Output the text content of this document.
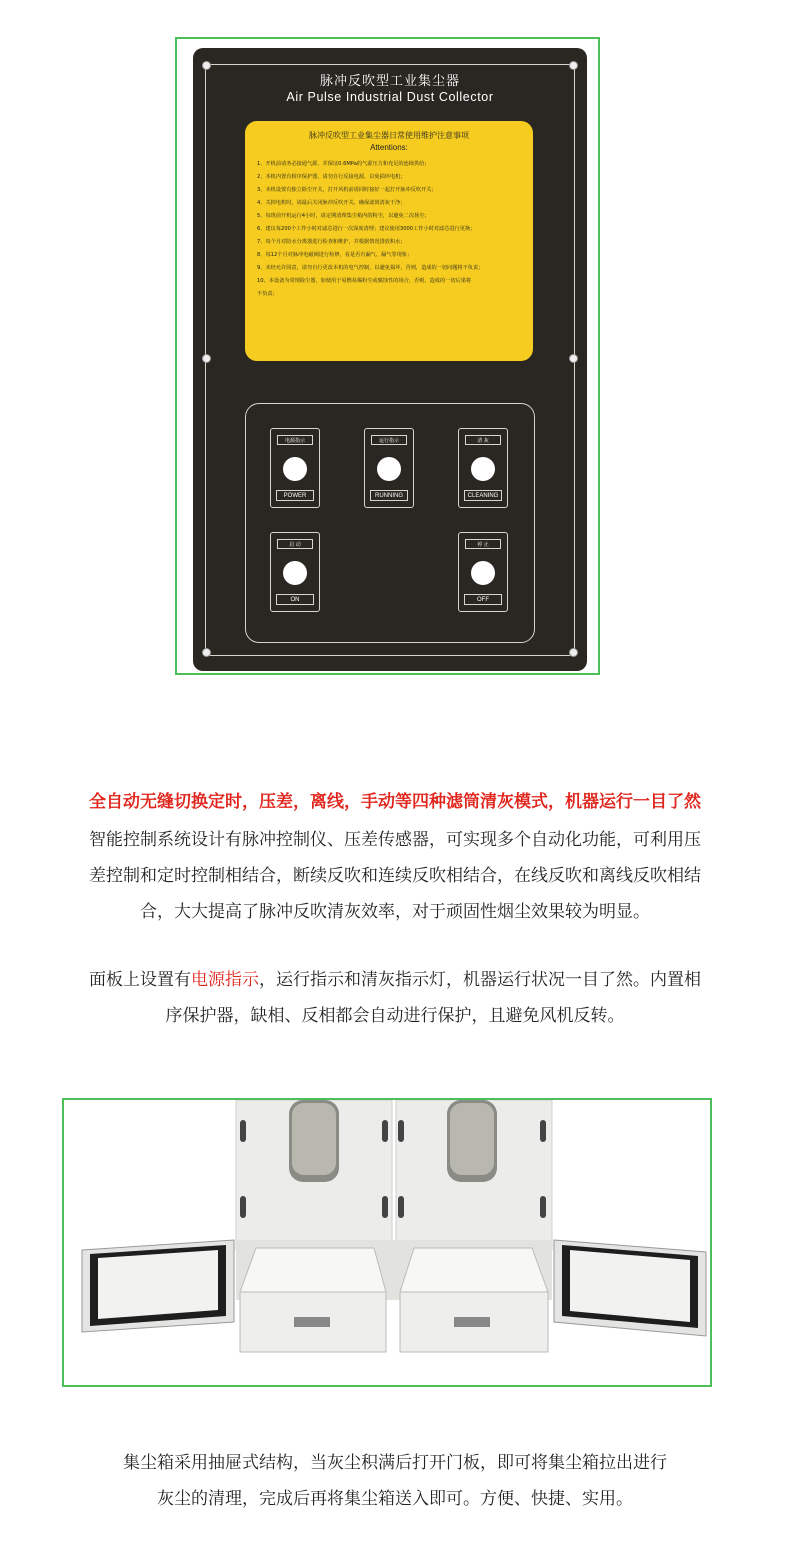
脉冲反吹型工业集尘器
Air Pulse Industrial Dust Collector
脉冲反吹型工业集尘器日常使用维护注意事项
Attentions:
1、开机前请务必接通气源，并保证0.6MPa的气源压力和充足的连续供给；
2、本机内置有相序保护器，请勿自行反接电源，以免损坏电机；
3、本机设置有独立除尘开关，打开风机前请同时接好一起打开脉冲反吹开关；
4、关掉电机时，请最后关闭脉冲反吹开关，确保滤筒清灰干净；
5、每班前开机运行4小时，请定期清理集尘箱内的粉尘，以避免二次扬尘；
6、建议每200个工作小时对滤芯进行一次深度清理；建议使用3000工作小时对滤芯进行更换；
7、每个月对防水分离器进行检查和维护，并根据情况排放积水；
8、每12个月对脉冲电磁阀进行检修，看是否有漏气、漏气等现象；
9、未经允许同意，请勿自行更改本机的电气控制，以避免损坏，否则，造成的一切问题将不负责；
10、本设备为常规除尘器，如使用于易燃易爆粉尘或腐蚀性的场合，否则，造成的一切后果将
不负责；
电源指示
POWER
运行指示
RUNNING
清 灰
CLEANING
启 动
ON
停 止
OFF
全自动无缝切换定时，压差，离线，手动等四种滤筒清灰模式，机器运行一目了然
智能控制系统设计有脉冲控制仪、压差传感器，可实现多个自动化功能，可利用压
差控制和定时控制相结合，断续反吹和连续反吹相结合，在线反吹和离线反吹相结
合，大大提高了脉冲反吹清灰效率，对于顽固性烟尘效果较为明显。
面板上设置有电源指示，运行指示和清灰指示灯，机器运行状况一目了然。内置相
序保护器，缺相、反相都会自动进行保护，且避免风机反转。
集尘箱采用抽屉式结构，当灰尘积满后打开门板，即可将集尘箱拉出进行
灰尘的清理，完成后再将集尘箱送入即可。方便、快捷、实用。
